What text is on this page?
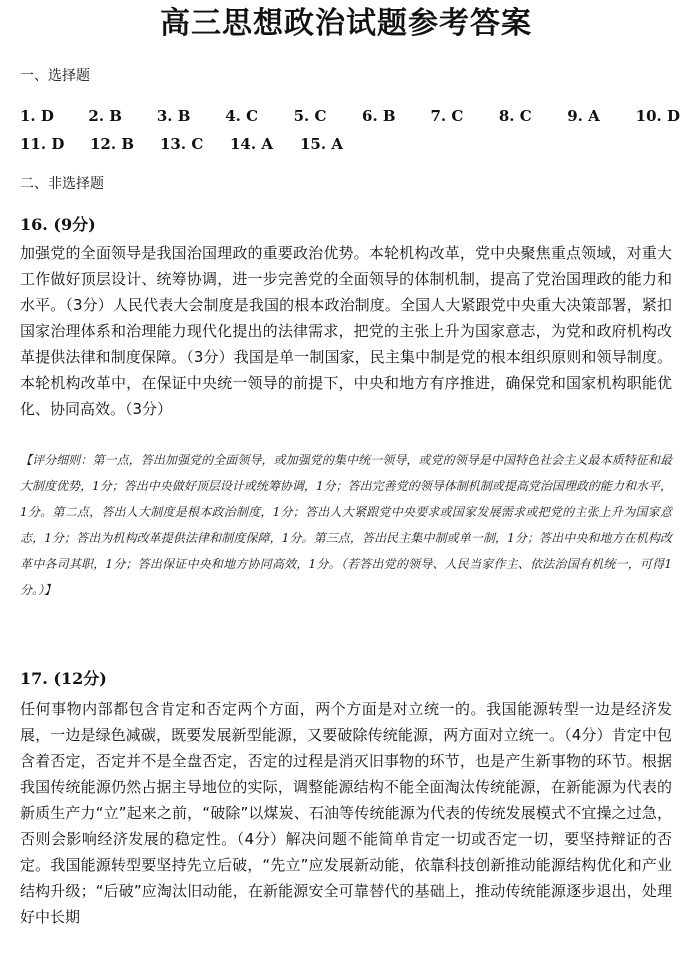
高三思想政治试题参考答案
一、选择题
1. D	2. B	3. B	4. C	5. C	6. B	7. C	8. C	9. A	10. D
11. D	12. B	13. C	14. A	15. A
二、非选择题
16. (9分)

加强党的全面领导是我国治国理政的重要政治优势。本轮机构改革，党中央聚焦重点领域，对重大工作做好顶层设计、统筹协调，进一步完善党的全面领导的体制机制，提高了党治国理政的能力和水平。（3分）人民代表大会制度是我国的根本政治制度。全国人大紧跟党中央重大决策部署，紧扣国家治理体系和治理能力现代化提出的法律需求，把党的主张上升为国家意志，为党和政府机构改革提供法律和制度保障。（3分）我国是单一制国家，民主集中制是党的根本组织原则和领导制度。本轮机构改革中，在保证中央统一领导的前提下，中央和地方有序推进，确保党和国家机构职能优化、协同高效。（3分）

【评分细则：第一点，答出加强党的全面领导，或加强党的集中统一领导，或党的领导是中国特色社会主义最本质特征和最大制度优势，1分；答出中央做好顶层设计或统筹协调，1分；答出完善党的领导体制机制或提高党治国理政的能力和水平，1分。第二点，答出人大制度是根本政治制度，1分；答出人大紧跟党中央要求或国家发展需求或把党的主张上升为国家意志，1分；答出为机构改革提供法律和制度保障，1分。第三点，答出民主集中制或单一制，1分；答出中央和地方在机构改革中各司其职，1分；答出保证中央和地方协同高效，1分。（若答出党的领导、人民当家作主、依法治国有机统一，可得1分。）】

17. (12分)

任何事物内部都包含肯定和否定两个方面，两个方面是对立统一的。我国能源转型一边是经济发展，一边是绿色减碳，既要发展新型能源，又要破除传统能源，两方面对立统一。（4分）肯定中包含着否定，否定并不是全盘否定，否定的过程是消灭旧事物的环节，也是产生新事物的环节。根据我国传统能源仍然占据主导地位的实际，调整能源结构不能全面淘汰传统能源，在新能源为代表的新质生产力“立”起来之前，“破除”以煤炭、石油等传统能源为代表的传统发展模式不宜操之过急，否则会影响经济发展的稳定性。（4分）解决问题不能简单肯定一切或否定一切，要坚持辩证的否定。我国能源转型要坚持先立后破，“先立”应发展新动能，依靠科技创新推动能源结构优化和产业结构升级；“后破”应淘汰旧动能，在新能源安全可靠替代的基础上，推动传统能源逐步退出，处理好中长期
